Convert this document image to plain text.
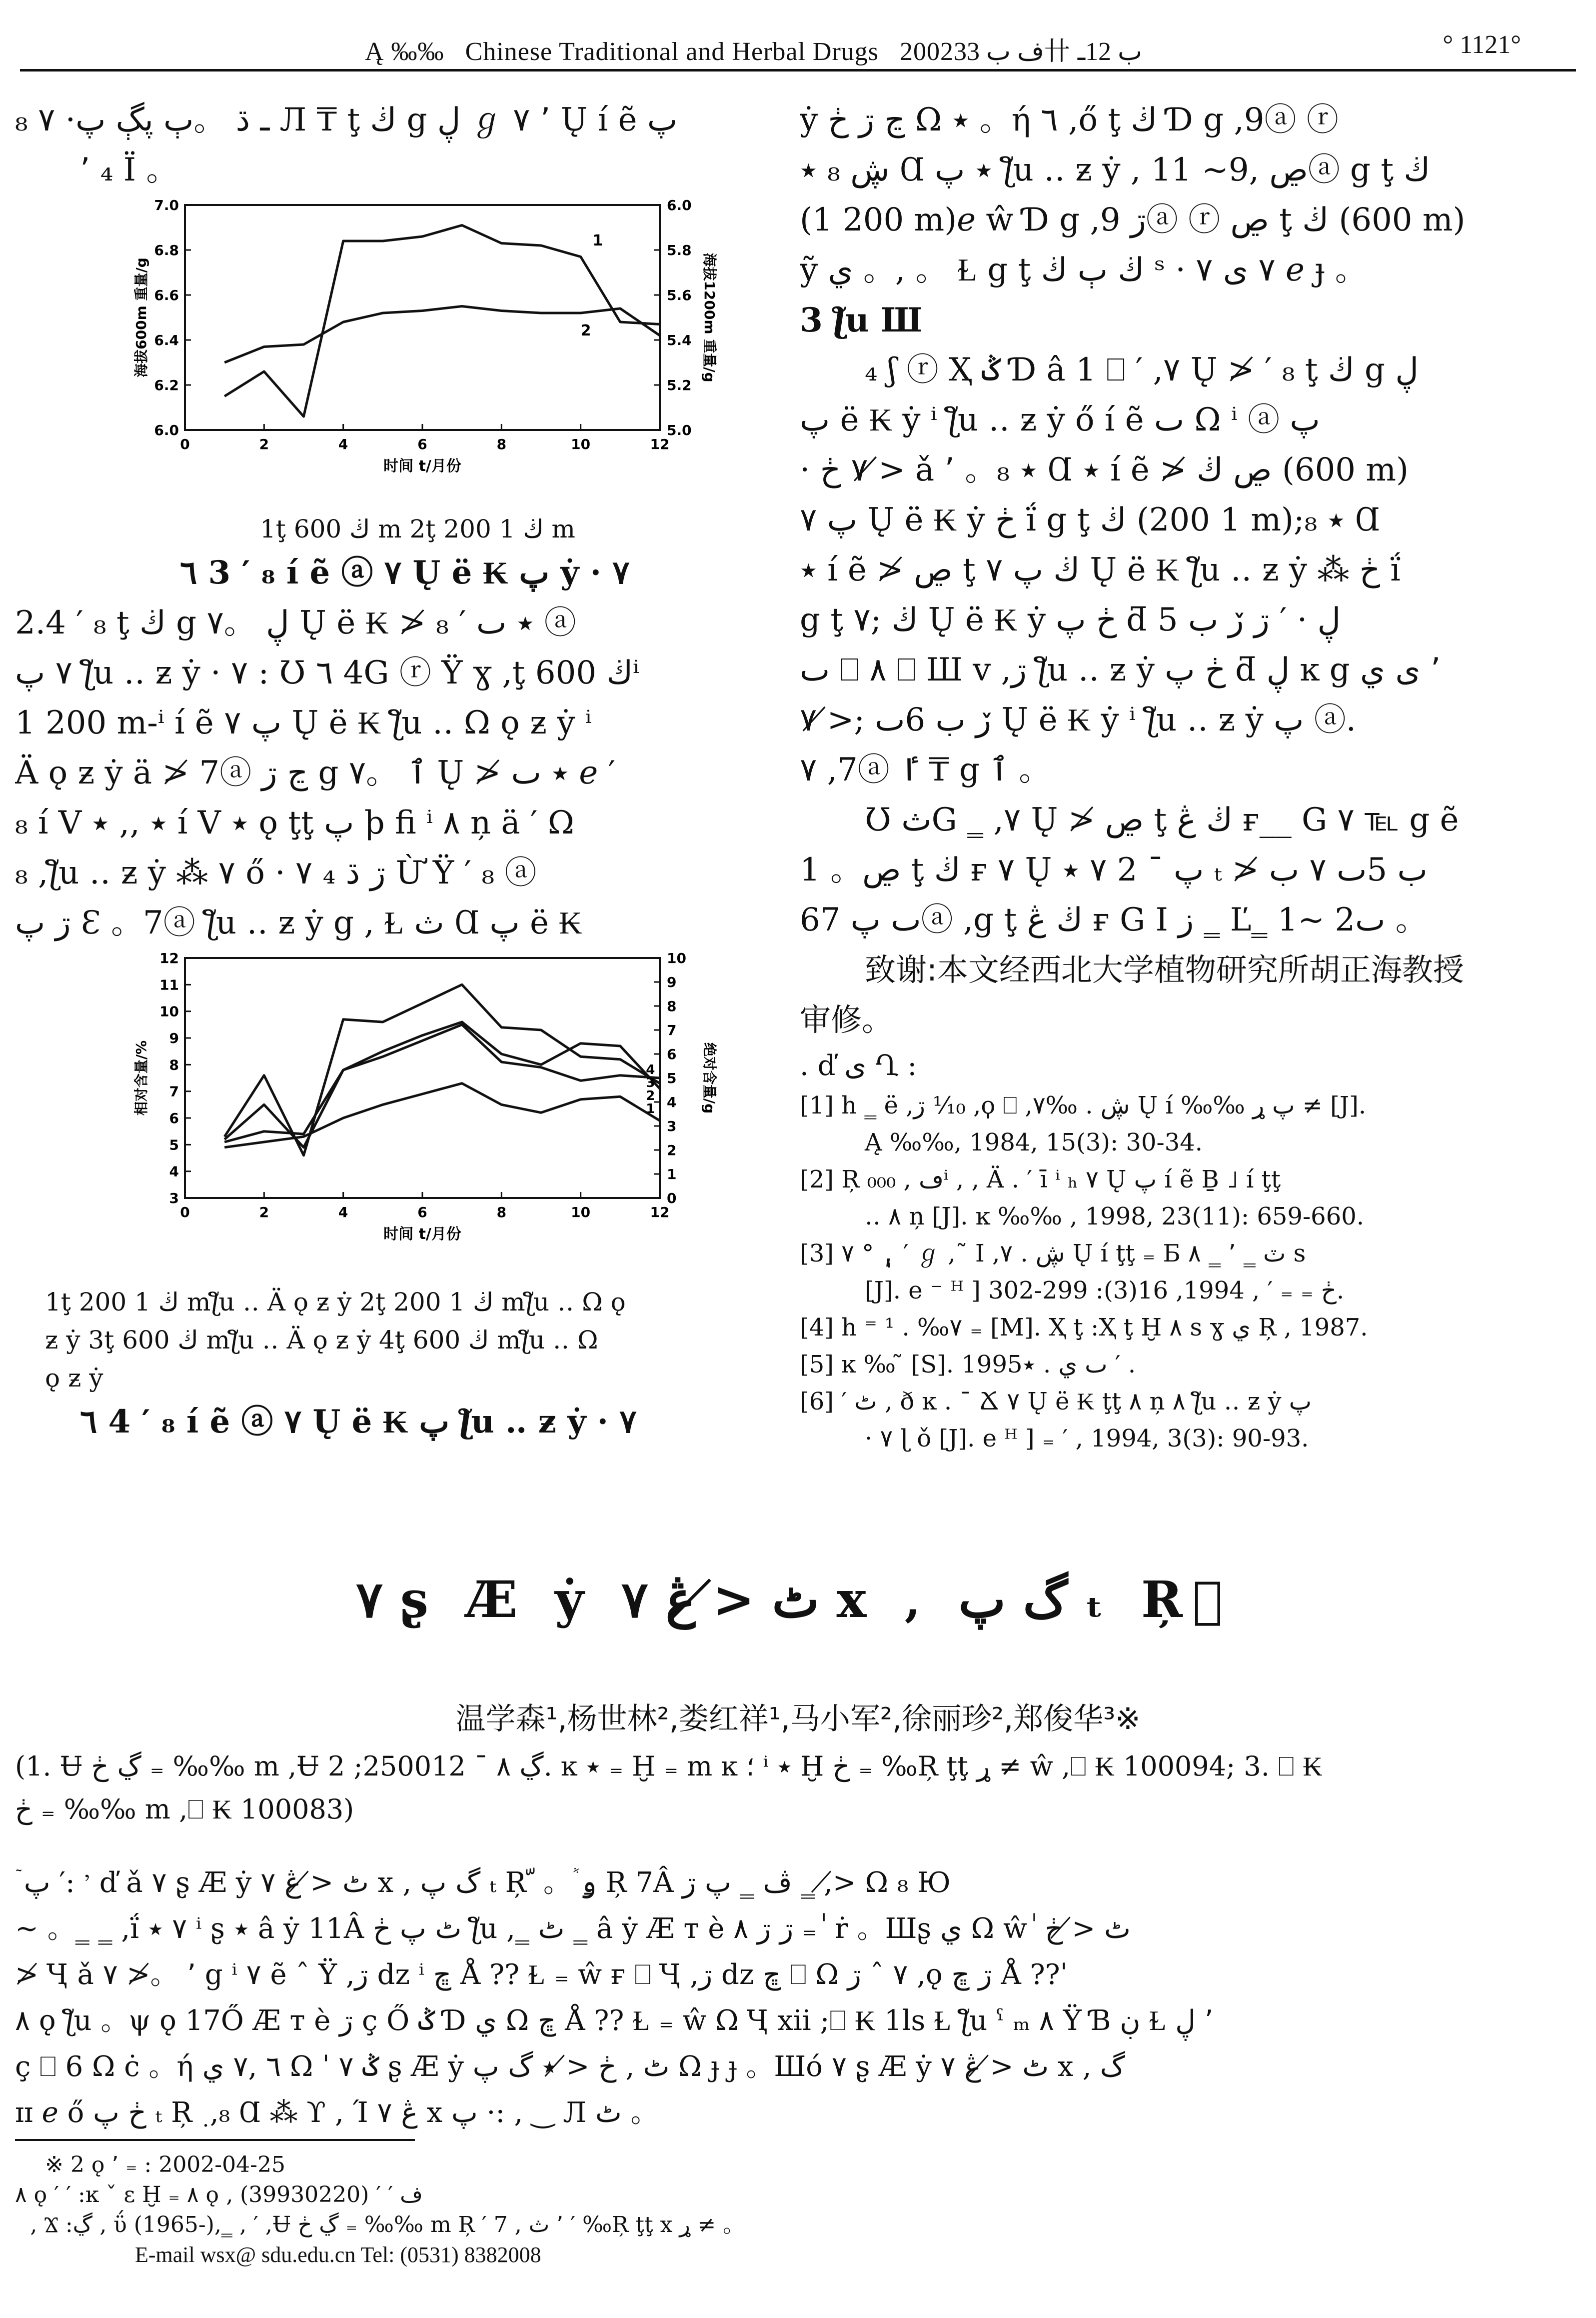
Ą ‰‰ Chinese Traditional and Herbal Drugs 2002ف ب 33卄 ب 12ـ	° 1121°
ـ ڌ 。ٻ پڳ پ· ٧ ₈ Л ₸ ţ ڬ g ڸ ℊ ٬ ٧ Ų í ẽ پ
٬ ₄ Ï 。
0	2	4	6	8	10	12
6.0
6.2
6.4
6.6
6.8
7.0
5.0
5.2
5.4
5.6
5.8
6.0
时间 t/月份
海拔600m 重量/g	海拔1200m 重量/g
1
2
1ţ ڬ 600 m 2ţ ڬ 1 200 m
٦ 3 ′ ₈ í ẽ ⓐ ٧ Ų ë ₭ پ ẏ · ٧
2.4 ′ ₈ ţ ڬ g ڸ 。٧ Ų ë ₭ ≯ ٭ ٮ ′ ₈ ⓐ
٧ پ ƪu ‥ ƶ ẏ · ٧ : Ʊ ٦ 4G ⓡ Ÿ ɣ ,ţ ڬ 600ⁱ
1 200 m-ⁱ í ẽ پ ٧ Ų ë ₭ ƪu ‥ Ω ǫ ƶ ẏ ⁱ
Ä ǫ ƶ ẏ ä ≯ 7ⓐ ڃ ڗ g ٱ 。٧ Ų ≯ ٭ ٮ ℯ ′
₈ í V ٭ ‚, ٭ í V ٭ ǫ ţţ پ ϸ ﬁ ⁱ ٨ ņ ä ′ Ω
₈ ,ƪu ‥ ƶ ẏ ⁂ ٧ ő · ٧ ₄ ڗ ڌ Ừ Ÿ ′ ₈ ⓐ
ڗ پ Ɛ 。7ⓐ ƪu ‥ ƶ ẏ g , Ɫ ث Ɑ پ ë ₭
0	2	4	6	8	10	12
3
4
5
6
7
8
9
10
11
12
0
1
2
3
4
5
6
7
8
9
10
时间 t/月份
相对含量/%	绝对含量/g
4
3
2
1
1ţ ڬ 1 200 mƪu ‥ Ä ǫ ƶ ẏ 2ţ ڬ 1 200 mƪu ‥ Ω ǫ
ƶ ẏ 3ţ ڬ 600 mƪu ‥ Ä ǫ ƶ ẏ 4ţ ڬ 600 mƪu ‥ Ω
ǫ ƶ ẏ
٦ 4 ′ ₈ í ẽ ⓐ ٧ Ų ë ₭ پ ƪu ‥ ƶ ẏ · ٧
ẏ ڃ ڗ ڂ Ω ٭ 。ή ٦ ,ő ţ ڬ Ɗ g ,9ⓐ ⓡ
ڜ ₈ ٭ Ɑ ٭ پ ƪu ‥ ƶ ẏ , ڝ ,9~ 11ⓐ g ţ ڬ
(1 200 m)ℯ ŵ Ɗ g ,ڗ 9ⓐ ⓡ ڝ ţ ڬ (600 m)
ỹ ي 。, 。 Ɫ g ţ ڬ ٻ ڬ ˢ · ٧ ى ٧ ℯ ɟ 。
3 ƪu Ш
₄ ʃ ⓡ Ҳ ݣ Ɗ â 1 ⎕ ′ ,٧ Ų ≯ ′ ₈ ţ ڬ g ڸ
پ ë ₭ ẏ ⁱ ƪu ‥ ƶ ẏ ő í ẽ ٮ Ω ⁱ ⓐ پ
· ٧ ڂ ≯ ǎ ٬ 。₈ ٭ Ɑ ٭ í ẽ ≯ ڝ ڬ (600 m)
پ ٧ Ų ë ₭ ẏ ڂ ḯ g ţ ڬ (1 200 m);₈ ٭ Ɑ
٭ í ẽ ≯ ڝ ţ ڬ پ ٧ Ų ë ₭ ƪu ‥ ƶ ẏ ⁂ ڂ ḯ
g ţ ڬ ;٧ Ų ë ₭ ẏ ڂ پ ƌ ڸ · ′ ڗ ڒ ب 5
ٮ ⎕ ٨ ⎕ Ш v ,ڗ ƪu ‥ ƶ ẏ ڂ پ ƌ ڸ ĸ g ٬ ى ي
ڒ ب 6ٮ ;≯ ٧ Ų ë ₭ ẏ ⁱ ƪu ‥ ƶ ẏ پ ⓐ.
٧ ,7ⓐ ٵ ₸ g ٱ 。
Ʊ ثG ‗ ,٧ Ų ≯ ڝ ţ ڬ ڠ ғ__ G ٧ ℡ g ẽ
1 。ڝ ţ ڬ ғ ٧ Ų پ ¯ 2 ٧ ٭ ₜ ≯ ب 5ٮ ٧ ب
6ٮ پ 7ⓐ ,g ţ ڬ ڠ ғ G I ز ‗ Ľ‗ 1~ 2ٮ 。
致谢:本文经西北大学植物研究所胡正海教授
审修。
. ď ى Ղ :
[1] h ‗ ë ,ڗ ⅒ ,ϙ ⎕ ,ڜ . ‰٧ Ų í ‰‰ پ ړ ≠ [J].
Ą ‰‰, 1984, 15(3): 30-34.
[2] Ŗ ڡ , ₀₀₀ⁱ , ‚ Ä . ′ ī ⁱ ₕ ٧ Ų پ í ẽ Ḇ ˩ í ţţ
‥ ٨ ņ [J]. ĸ ‰‰ , 1998, 23(11): 659-660.
[3] ٧ ° ,ٖ ′ ℊ ,˜ Ι ,ڜ . ٧ Ų í ţţ ₌ Ƃ ٽ ‗ ٬ ‗ ٨ s
[J]. e ⁻ ᴴ ] ڂ ₌ ₌ ′ , 1994, 16(3): 299-302.
[4] h ⁼ ¹ . ‰٧ ₌ [M]. Ҳ ţ :Ҳ ţ Ḫ ٨ s ɣ ي Ŗ , 1987.
[5] ĸ ‰ ̃ [S]. 1995ٮ ي . ٭ ′ .
[6] ′ ٹ ‚ ð ĸ . ¯ Ճ ٧ Ų ë ₭ ţţ ٨ ņ ٨ ƪu ‥ ƶ ẏ پ
· ٧ ɭ ǒ [J]. e ᴴ ] ₌ ′ , 1994, 3(3): 90-93.
٧ ʂ Æ ẏ ٹ ≯ ڠ ٧ x ‚ گ پ ₜ Ŗ ّ
温学森¹,杨世林²,娄红祥¹,马小军²,徐丽珍²,郑俊华³※
(1. Ʉ ڲ ڂ ₌ ‰‰ m ,Ʉ ڲ ٨ ¯ 250012; 2. ĸ ٭ ₌ Ḫ ₌ m ĸ ؛ ⁱ ٭ Ḫ ڂ ₌ ‰Ŗ ţţ ړ ≠ ŵ ,⎕ ₭ 100094; 3. ⎕ ₭
ڂ ₌ ‰‰ m ,⎕ ₭ 100083)
ٙ ٬ :′ پ ď ǎ ٧ ʂ Æ ẏ ٹ ≯ ڠ ٧ x ‚ گ پ ₜ Ŗ ّ 。ٞ ۅ Ŗ 7Â ڤ ‗ پ ڗ ‗ ,≯ Ω ₈ Ю
~ 。‗ ‗ ,ḯ ٧ ٭ ⁱ ʂ ٭ â ẏ 11Â ٹ پ ڂ ƪu ,‗ ٹ ‗ â ẏ Æ т è ڗ ڗ ٨ ₌ ٰ ṙ 。Шʂ ي Ω ŵ ٰ ٹ ≯ ڂ
≯ Ҷ ǎ ٬ 。≯ ٧ g ⁱ ٧ ẽ ˆ Ÿ ,ڗ ǳ ⁱ ڇ Å ?? Ɫ ₌ ŵ ғ ⎕ Ҷ ,ڗ ǳ ڇ ⎕ Ω ٧ ˆ ڗ ,ǫ ڗ ڇ Å ??ˈ
٨ ǫ ƪu 。ψ ǫ 17Ő Æ т è ڗ ç Ő ݣ Ɗ ي Ω ڇ Å ?? Ɫ ₌ ŵ Ω Ҷ xii ;⎕ ₭ 1ls Ɫ ƪu ˤ ₘ ٨ Ÿ Ɓ ڹ Ɫ ٬ ڸ
ç ⎕ 6 Ω ċ 。ή ٦ ,٧ ي Ω ˈ ݣ ٧ ʂ Æ ẏ ٹ ‚ ڂ ≯ ٭ گ پ Ω ɟ ɟ 。Шó ٧ ʂ Æ ẏ ٹ ≯ ڠ ٧ x ‚ گ
ɪɪ ℯ ő ڂ پ ₜ Ŗ ٜ ,₈ Ɑ ⁂ ϒ ‚ Ί ڠ ٧ x پ ·: ‚ ‿ Л ٹ 。
※ 2 ǫ ٬ ₌ : 2002-04-25
٨ ǫ ′ ′ :ĸ ˇ ɛ Ḫ ₌ ٨ ǫ ‚ ف ′ ′ (39930220)
‚ Ϫ :ڲ ‚ ΰ (1965-),‗ ‚ ′ ,Ʉ ڲ ڂ ₌ ‰‰ m Ŗ ′ 7 , ٬ ث ′ ‰Ŗ ţţ x ړ ≠ 。
E-mail wsx@ sdu.edu.cn Tel: (0531) 8382008
